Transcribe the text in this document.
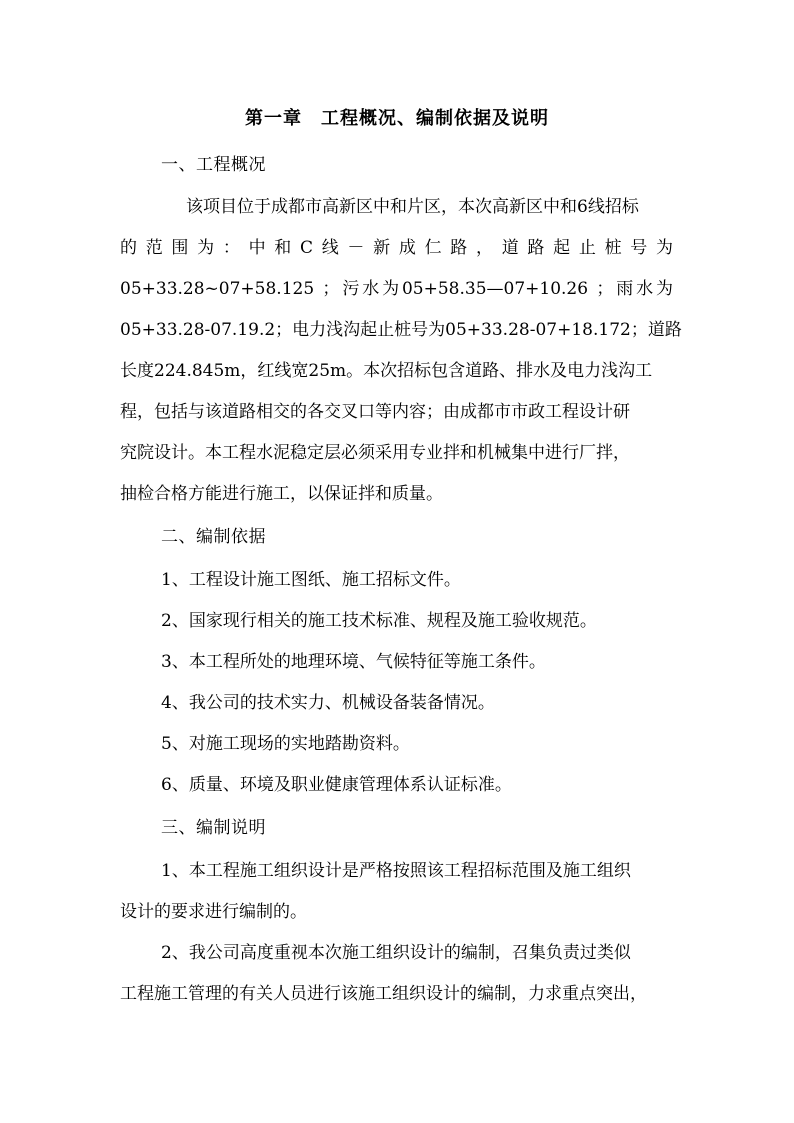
第一章　工程概况、编制依据及说明
一、工程概况
该项目位于成都市高新区中和片区，本次高新区中和6线招标
的范围为：中和C线－新成仁路，道路起止桩号为
05+33.28~07+58.125 ；污水为05+58.35—07+10.26 ；雨水为
05+33.28-07.19.2；电力浅沟起止桩号为05+33.28-07+18.172；道路
长度224.845m，红线宽25m。本次招标包含道路、排水及电力浅沟工
程，包括与该道路相交的各交叉口等内容；由成都市市政工程设计研
究院设计。本工程水泥稳定层必须采用专业拌和机械集中进行厂拌，
抽检合格方能进行施工，以保证拌和质量。
二、编制依据
1、工程设计施工图纸、施工招标文件。
2、国家现行相关的施工技术标准、规程及施工验收规范。
3、本工程所处的地理环境、气候特征等施工条件。
4、我公司的技术实力、机械设备装备情况。
5、对施工现场的实地踏勘资料。
6、质量、环境及职业健康管理体系认证标准。
三、编制说明
1、本工程施工组织设计是严格按照该工程招标范围及施工组织
设计的要求进行编制的。
2、我公司高度重视本次施工组织设计的编制，召集负责过类似
工程施工管理的有关人员进行该施工组织设计的编制，力求重点突出，
